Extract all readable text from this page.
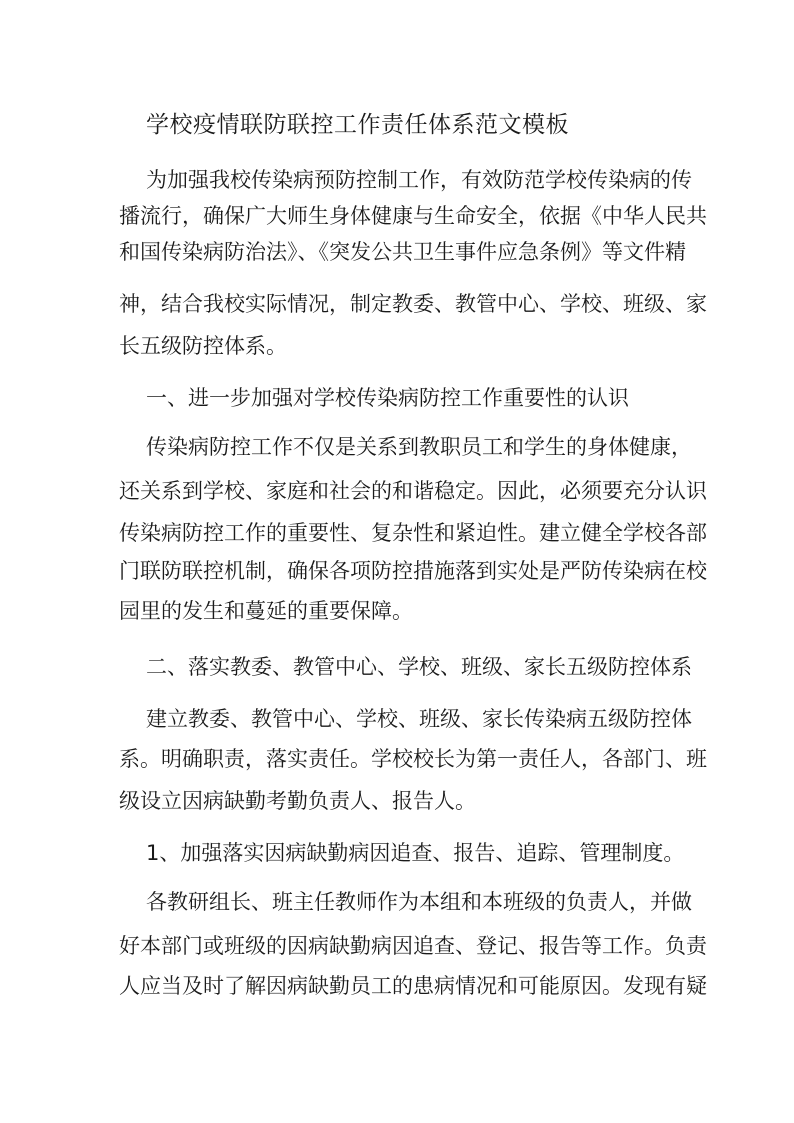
学校疫情联防联控工作责任体系范文模板
为加强我校传染病预防控制工作，有效防范学校传染病的传
播流行，确保广大师生身体健康与生命安全，依据《中华人民共
和国传染病防治法》、《突发公共卫生事件应急条例》等文件精
神，结合我校实际情况，制定教委、教管中心、学校、班级、家
长五级防控体系。
一、进一步加强对学校传染病防控工作重要性的认识
传染病防控工作不仅是关系到教职员工和学生的身体健康，
还关系到学校、家庭和社会的和谐稳定。因此，必须要充分认识
传染病防控工作的重要性、复杂性和紧迫性。建立健全学校各部
门联防联控机制，确保各项防控措施落到实处是严防传染病在校
园里的发生和蔓延的重要保障。
二、落实教委、教管中心、学校、班级、家长五级防控体系
建立教委、教管中心、学校、班级、家长传染病五级防控体
系。明确职责，落实责任。学校校长为第一责任人，各部门、班
级设立因病缺勤考勤负责人、报告人。
1、加强落实因病缺勤病因追查、报告、追踪、管理制度。
各教研组长、班主任教师作为本组和本班级的负责人，并做
好本部门或班级的因病缺勤病因追查、登记、报告等工作。负责
人应当及时了解因病缺勤员工的患病情况和可能原因。发现有疑
